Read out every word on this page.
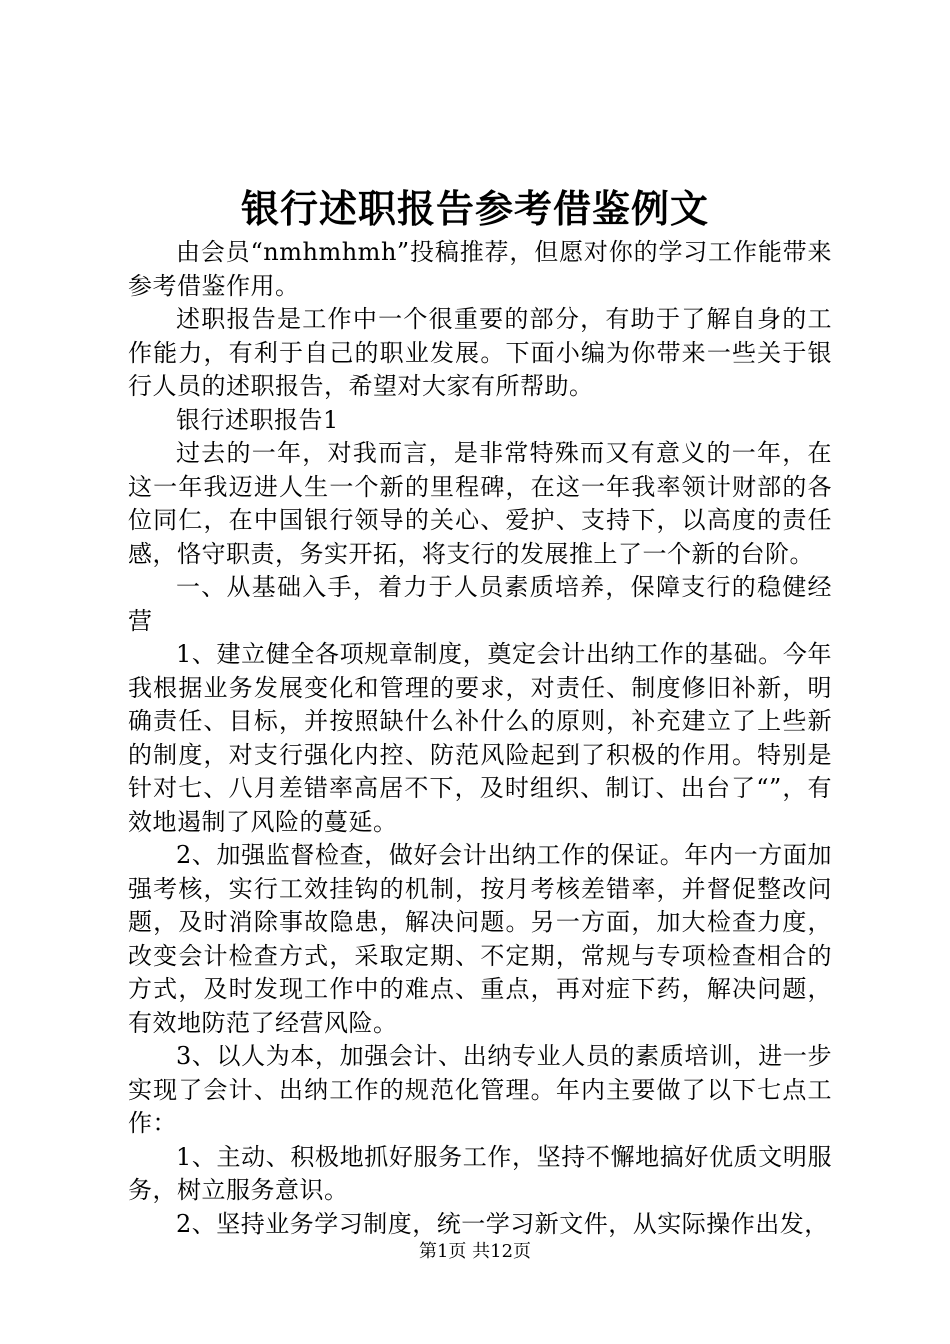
银行述职报告参考借鉴例文

由会员“nmhmhmh”投稿推荐，但愿对你的学习工作能带来参考借鉴作用。

述职报告是工作中一个很重要的部分，有助于了解自身的工作能力，有利于自己的职业发展。下面小编为你带来一些关于银行人员的述职报告，希望对大家有所帮助。

银行述职报告1

过去的一年，对我而言，是非常特殊而又有意义的一年，在这一年我迈进人生一个新的里程碑，在这一年我率领计财部的各位同仁，在中国银行领导的关心、爱护、支持下，以高度的责任感，恪守职责，务实开拓，将支行的发展推上了一个新的台阶。

一、从基础入手，着力于人员素质培养，保障支行的稳健经营

1、建立健全各项规章制度，奠定会计出纳工作的基础。今年我根据业务发展变化和管理的要求，对责任、制度修旧补新，明确责任、目标，并按照缺什么补什么的原则，补充建立了上些新的制度，对支行强化内控、防范风险起到了积极的作用。特别是针对七、八月差错率高居不下，及时组织、制订、出台了“”，有效地遏制了风险的蔓延。

2、加强监督检查，做好会计出纳工作的保证。年内一方面加强考核，实行工效挂钩的机制，按月考核差错率，并督促整改问题，及时消除事故隐患，解决问题。另一方面，加大检查力度，改变会计检查方式，采取定期、不定期，常规与专项检查相合的方式，及时发现工作中的难点、重点，再对症下药，解决问题，有效地防范了经营风险。

3、以人为本，加强会计、出纳专业人员的素质培训，进一步实现了会计、出纳工作的规范化管理。年内主要做了以下七点工作：

1、主动、积极地抓好服务工作，坚持不懈地搞好优质文明服务，树立服务意识。

2、坚持业务学习制度，统一学习新文件，从实际操作出发，

第1页 共12页
